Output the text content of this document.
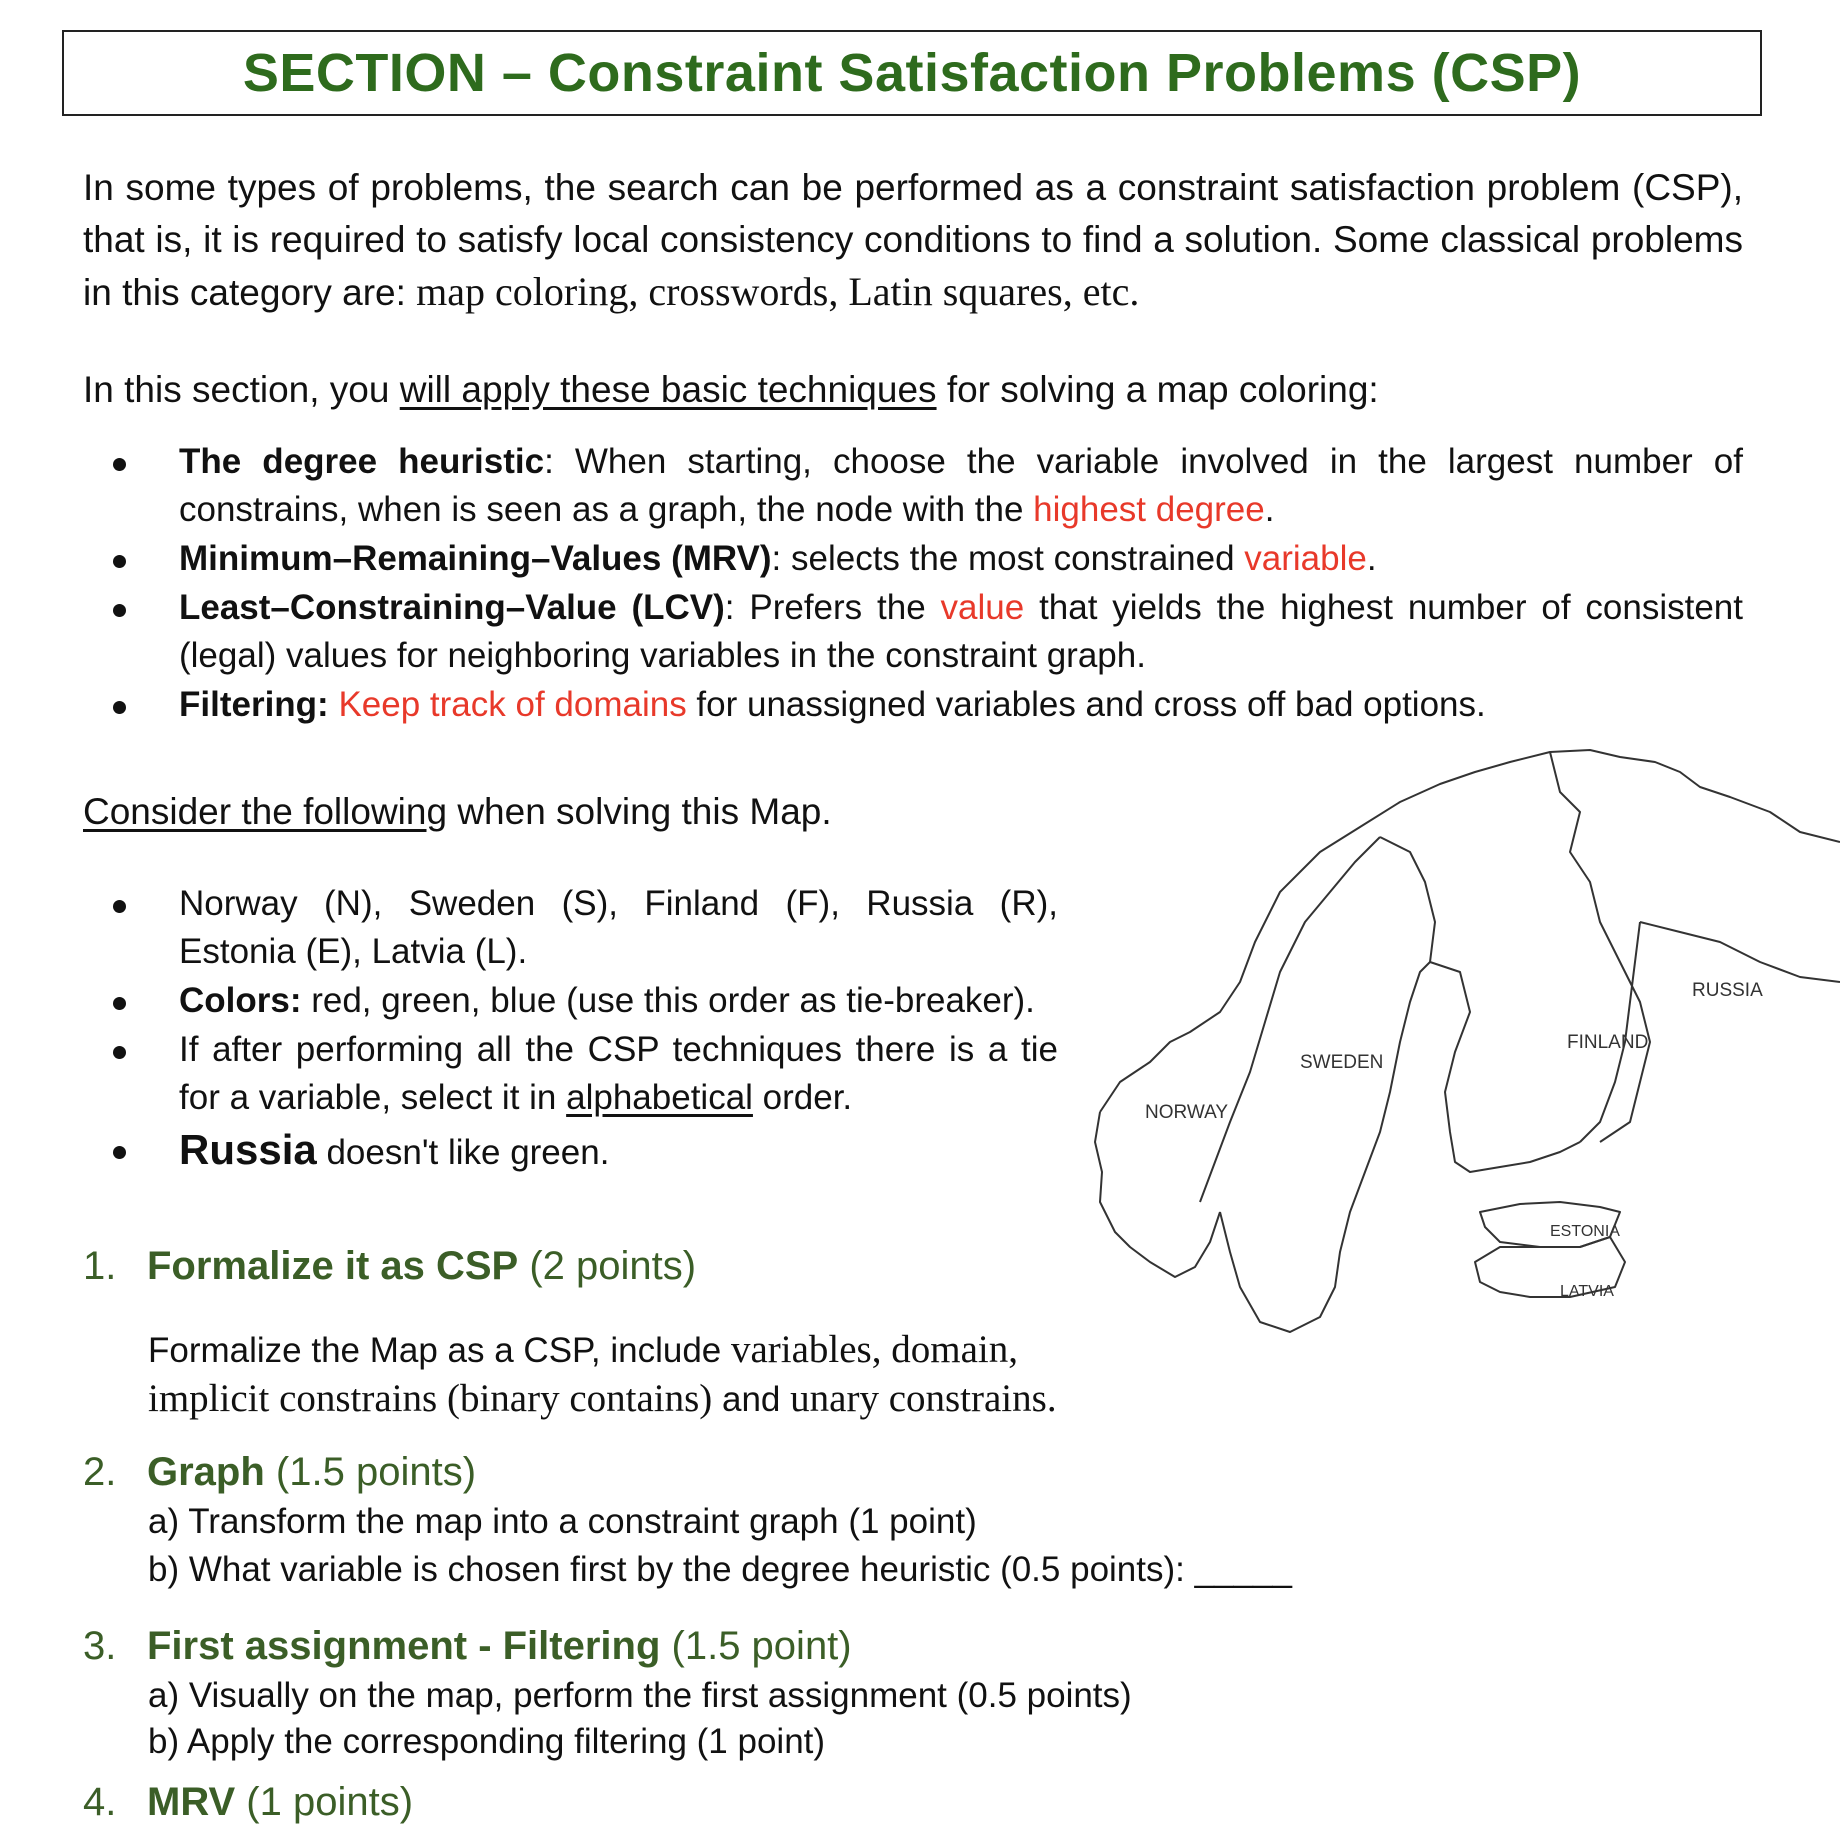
SECTION – Constraint Satisfaction Problems (CSP)
In some types of problems, the search can be performed as a constraint satisfaction problem (CSP), that is, it is required to satisfy local consistency conditions to find a solution. Some classical problems in this category are: map coloring, crosswords, Latin squares, etc.
In this section, you will apply these basic techniques for solving a map coloring:
The degree heuristic: When starting, choose the variable involved in the largest number of constrains, when is seen as a graph, the node with the highest degree.
Minimum–Remaining–Values (MRV): selects the most constrained variable.
Least–Constraining–Value (LCV): Prefers the value that yields the highest number of consistent (legal) values for neighboring variables in the constraint graph.
Filtering: Keep track of domains for unassigned variables and cross off bad options.
Consider the following when solving this Map.
Norway (N), Sweden (S), Finland (F), Russia (R), Estonia (E), Latvia (L).
Colors: red, green, blue (use this order as tie-breaker).
If after performing all the CSP techniques there is a tie for a variable, select it in alphabetical order.
Russia doesn't like green.
NORWAY
SWEDEN
FINLAND
RUSSIA
ESTONIA
LATVIA
1. Formalize it as CSP (2 points)
Formalize the Map as a CSP, include variables, domain,
implicit constrains (binary contains) and unary constrains.
2. Graph (1.5 points)
a) Transform the map into a constraint graph (1 point)
b) What variable is chosen first by the degree heuristic (0.5 points): _____
3. First assignment - Filtering (1.5 point)
a) Visually on the map, perform the first assignment (0.5 points)
b) Apply the corresponding filtering (1 point)
4. MRV (1 points)
